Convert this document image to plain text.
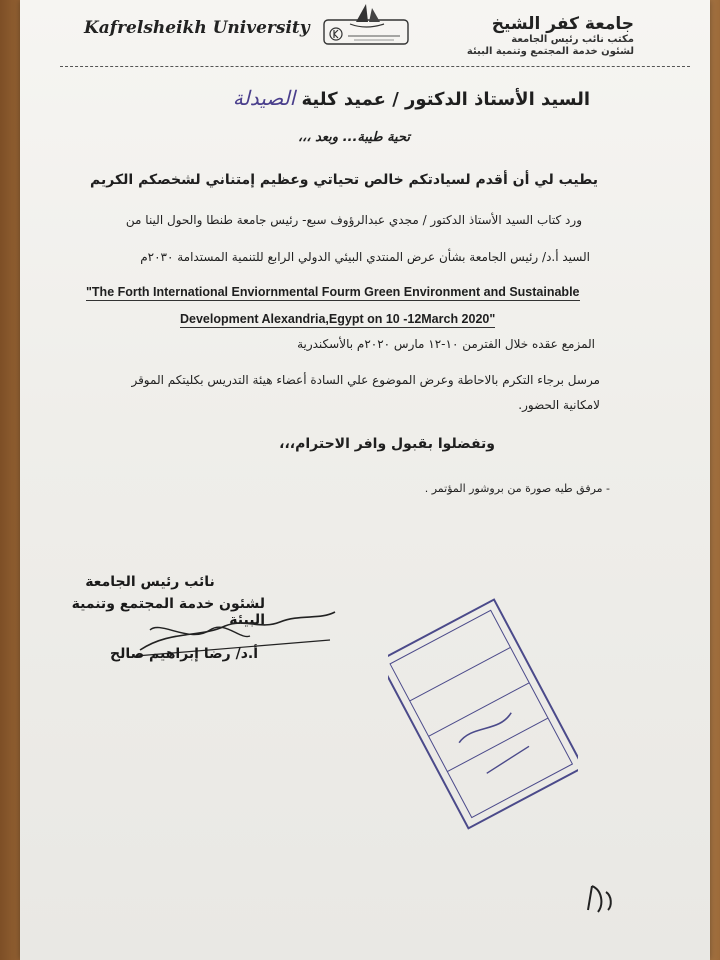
Kafrelsheikh University	جامعة كفر الشيخ
مكتب نائب رئيس الجامعة
لشئون خدمة المجتمع وتنمية البيئة
السيد الأستاذ الدكتور / عميد كلية الصيدلة
تحية طيبة... وبعد ،،،
يطيب لي أن أقدم لسيادتكم خالص تحياتي وعظيم إمتناني لشخصكم الكريم
ورد كتاب السيد الأستاذ الدكتور / مجدي عبدالرؤوف سبع- رئيس جامعة طنطا والحول الينا من
السيد أ.د/ رئيس الجامعة بشأن عرض المنتدي البيئي الدولي الرابع للتنمية المستدامة ٢٠٣٠م
"The Forth International Enviornmental Fourm Green Environment and Sustainable
Development Alexandria,Egypt on 10 -12March 2020"
المزمع عقده خلال الفترمن ١٠-١٢ مارس ٢٠٢٠م بالأسكندرية
مرسل برجاء التكرم بالاحاطة وعرض الموضوع علي السادة أعضاء هيئة التدريس بكليتكم الموقر
لامكانية الحضور.
وتفضلوا بقبول وافر الاحترام،،،
- مرفق طيه صورة من بروشور المؤتمر .
نائب رئيس الجامعة
لشئون خدمة المجتمع وتنمية البيئة
أ.د/ رضا إبراهيم صالح
